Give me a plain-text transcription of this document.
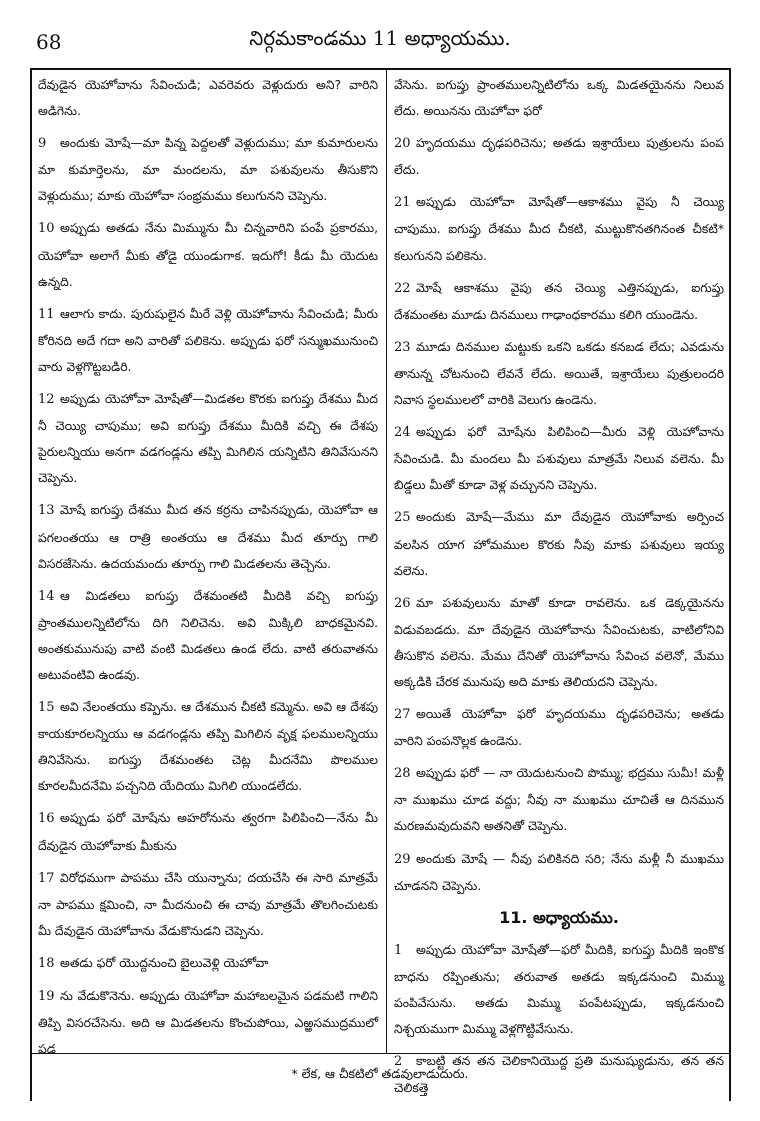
68	నిర్గమకాండము 11 అధ్యాయము.

దేవుడైన యెహోవాను సేవించుడి; ఎవరెవరు వెళ్లుదురు అని? వారిని అడిగెను.

9 అందుకు మోషే—మా పిన్న పెద్దలతో వెళ్లుదుము; మా కుమారులను మా కుమార్తెలను, మా మందలను, మా పశువులను తీసుకొని వెళ్లుదుము; మాకు యెహోవా సంభ్రమము కలుగునని చెప్పెను.

10 అప్పుడు అతడు నేను మిమ్మును మీ చిన్నవారిని పంపే ప్రకారము, యెహోవా అలాగే మీకు తోడై యుండుగాక. ఇదుగో! కీడు మీ యెదుట ఉన్నది.

11 ఆలాగు కాదు. పురుషులైన మీరే వెళ్లి యెహోవాను సేవించుడి; మీరు కోరినది అదే గదా అని వారితో పలికెను. అప్పుడు ఫరో సన్ముఖమునుంచి వారు వెళ్లగొట్టబడిరి.

12 అప్పుడు యెహోవా మోషేతో—మిడతల కొరకు ఐగుప్తు దేశము మీద నీ చెయ్యి చాపుము; అవి ఐగుప్తు దేశము మీదికి వచ్చి ఈ దేశపు పైరులన్నియు అనగా వడగండ్లను తప్పి మిగిలిన యన్నిటిని తినివేసునని చెప్పెను.

13 మోషే ఐగుప్తు దేశము మీద తన కర్రను చాపినప్పుడు, యెహోవా ఆ పగలంతయు ఆ రాత్రి అంతయు ఆ దేశము మీద తూర్పు గాలి విసరజేసెను. ఉదయమందు తూర్పు గాలి మిడతలను తెచ్చెను.

14 ఆ మిడతలు ఐగుప్తు దేశమంతటి మీదికి వచ్చి ఐగుప్తు ప్రాంతములన్నిటిలోను దిగి నిలిచెను. అవి మిక్కిలి బాధకమైనవి. అంతకుమునుపు వాటి వంటి మిడతలు ఉండ లేదు. వాటి తరువాతను అటువంటివి ఉండవు.

15 అవి నేలంతయు కప్పెను. ఆ దేశమున చీకటి కమ్మెను. అవి ఆ దేశపు కాయకూరలన్నియు ఆ వడగండ్లను తప్పి మిగిలిన వృక్ష ఫలములన్నియు తినివేసెను. ఐగుప్తు దేశమంతట చెట్ల మీదనేమి పొలముల కూరలమీదనేమి పచ్చనిది యేదియు మిగిలి యుండలేదు.

16 అప్పుడు ఫరో మోషేను అహరోనును త్వరగా పిలిపించి—నేను మీ దేవుడైన యెహోవాకు మీకును

17 విరోధముగా పాపము చేసి యున్నాను; దయచేసి ఈ సారి మాత్రమే నా పాపము క్షమించి, నా మీదనుంచి ఈ చావు మాత్రమే తొలగించుటకు మీ దేవుడైన యెహోవాను వేడుకొనుడని చెప్పెను.

18 అతడు ఫరో యొద్దనుంచి బైలువెళ్లి యెహోవా

19 ను వేడుకొనెను. అప్పుడు యెహోవా మహాబలమైన పడమటి గాలిని తిప్పి విసరచేసెను. అది ఆ మిడతలను కొంచుపోయి, ఎఱ్ఱసముద్రములో పడ

వేసెను. ఐగుప్తు ప్రాంతములన్నిటిలోను ఒక్క మిడతయైనను నిలువ లేదు. అయినను యెహోవా ఫరో

20 హృదయము దృఢపరిచెను; అతడు ఇశ్రాయేలు పుత్రులను పంప లేదు.

21 అప్పుడు యెహోవా మోషేతో—ఆకాశము వైపు నీ చెయ్యి చాపుము. ఐగుప్తు దేశము మీద చీకటి, ముట్టుకొనతగినంత చీకటి* కలుగునని పలికెను.

22 మోషే ఆకాశము వైపు తన చెయ్యి ఎత్తినప్పుడు, ఐగుప్తు దేశమంతట మూడు దినములు గాఢాంధకారము కలిగి యుండెను.

23 మూడు దినముల మట్టుకు ఒకని ఒకడు కనబడ లేదు; ఎవడును తానున్న చోటనుంచి లేవనే లేదు. అయితే, ఇశ్రాయేలు పుత్రులందరి నివాస స్థలములలో వారికి వెలుగు ఉండెను.

24 అప్పుడు ఫరో మోషేను పిలిపించి—మీరు వెళ్లి యెహోవాను సేవించుడి. మీ మందలు మీ పశువులు మాత్రమే నిలువ వలెను. మీ బిడ్డలు మీతో కూడా వెళ్ల వచ్చునని చెప్పెను.

25 అందుకు మోషే—మేము మా దేవుడైన యెహోవాకు అర్పించ వలసిన యాగ హోమముల కొరకు నీవు మాకు పశువులు ఇయ్య వలెను.

26 మా పశువులును మాతో కూడా రావలెను. ఒక డెక్కయైనను విడువబడదు. మా దేవుడైన యెహోవాను సేవించుటకు, వాటిలోనివి తీసుకొన వలెను. మేము దేనితో యెహోవాను సేవించ వలెనో, మేము అక్కడికి చేరక మునుపు అది మాకు తెలియదని చెప్పెను.

27 అయితే యెహోవా ఫరో హృదయము దృఢపరిచెను; అతడు వారిని పంపనొల్లక ఉండెను.

28 అప్పుడు ఫరో — నా యెదుటనుంచి పొమ్ము; భద్రము సుమీ! మళ్లీ నా ముఖము చూడ వద్దు; నీవు నా ముఖము చూచితే ఆ దినమున మరణమవుదువని అతనితో చెప్పెను.

29 అందుకు మోషే — నీవు పలికినది సరి; నేను మళ్లీ నీ ముఖము చూడనని చెప్పెను.

11. అధ్యాయము.

1 అప్పుడు యెహోవా మోషేతో—ఫరో మీదికి, ఐగుప్తు మీదికి ఇంకొక బాధను రప్పింతును; తరువాత అతడు ఇక్కడనుంచి మిమ్ము పంపివేసును. అతడు మిమ్ము పంపేటప్పుడు, ఇక్కడనుంచి నిశ్చయముగా మిమ్ము వెళ్లగొట్టివేసును.

2 కాబట్టి తన తన చెలికానియొద్ద ప్రతి మనుష్యుడును, తన తన చెలికత్తె

* లేక, ఆ చీకటిలో తడవులాడుదురు.
